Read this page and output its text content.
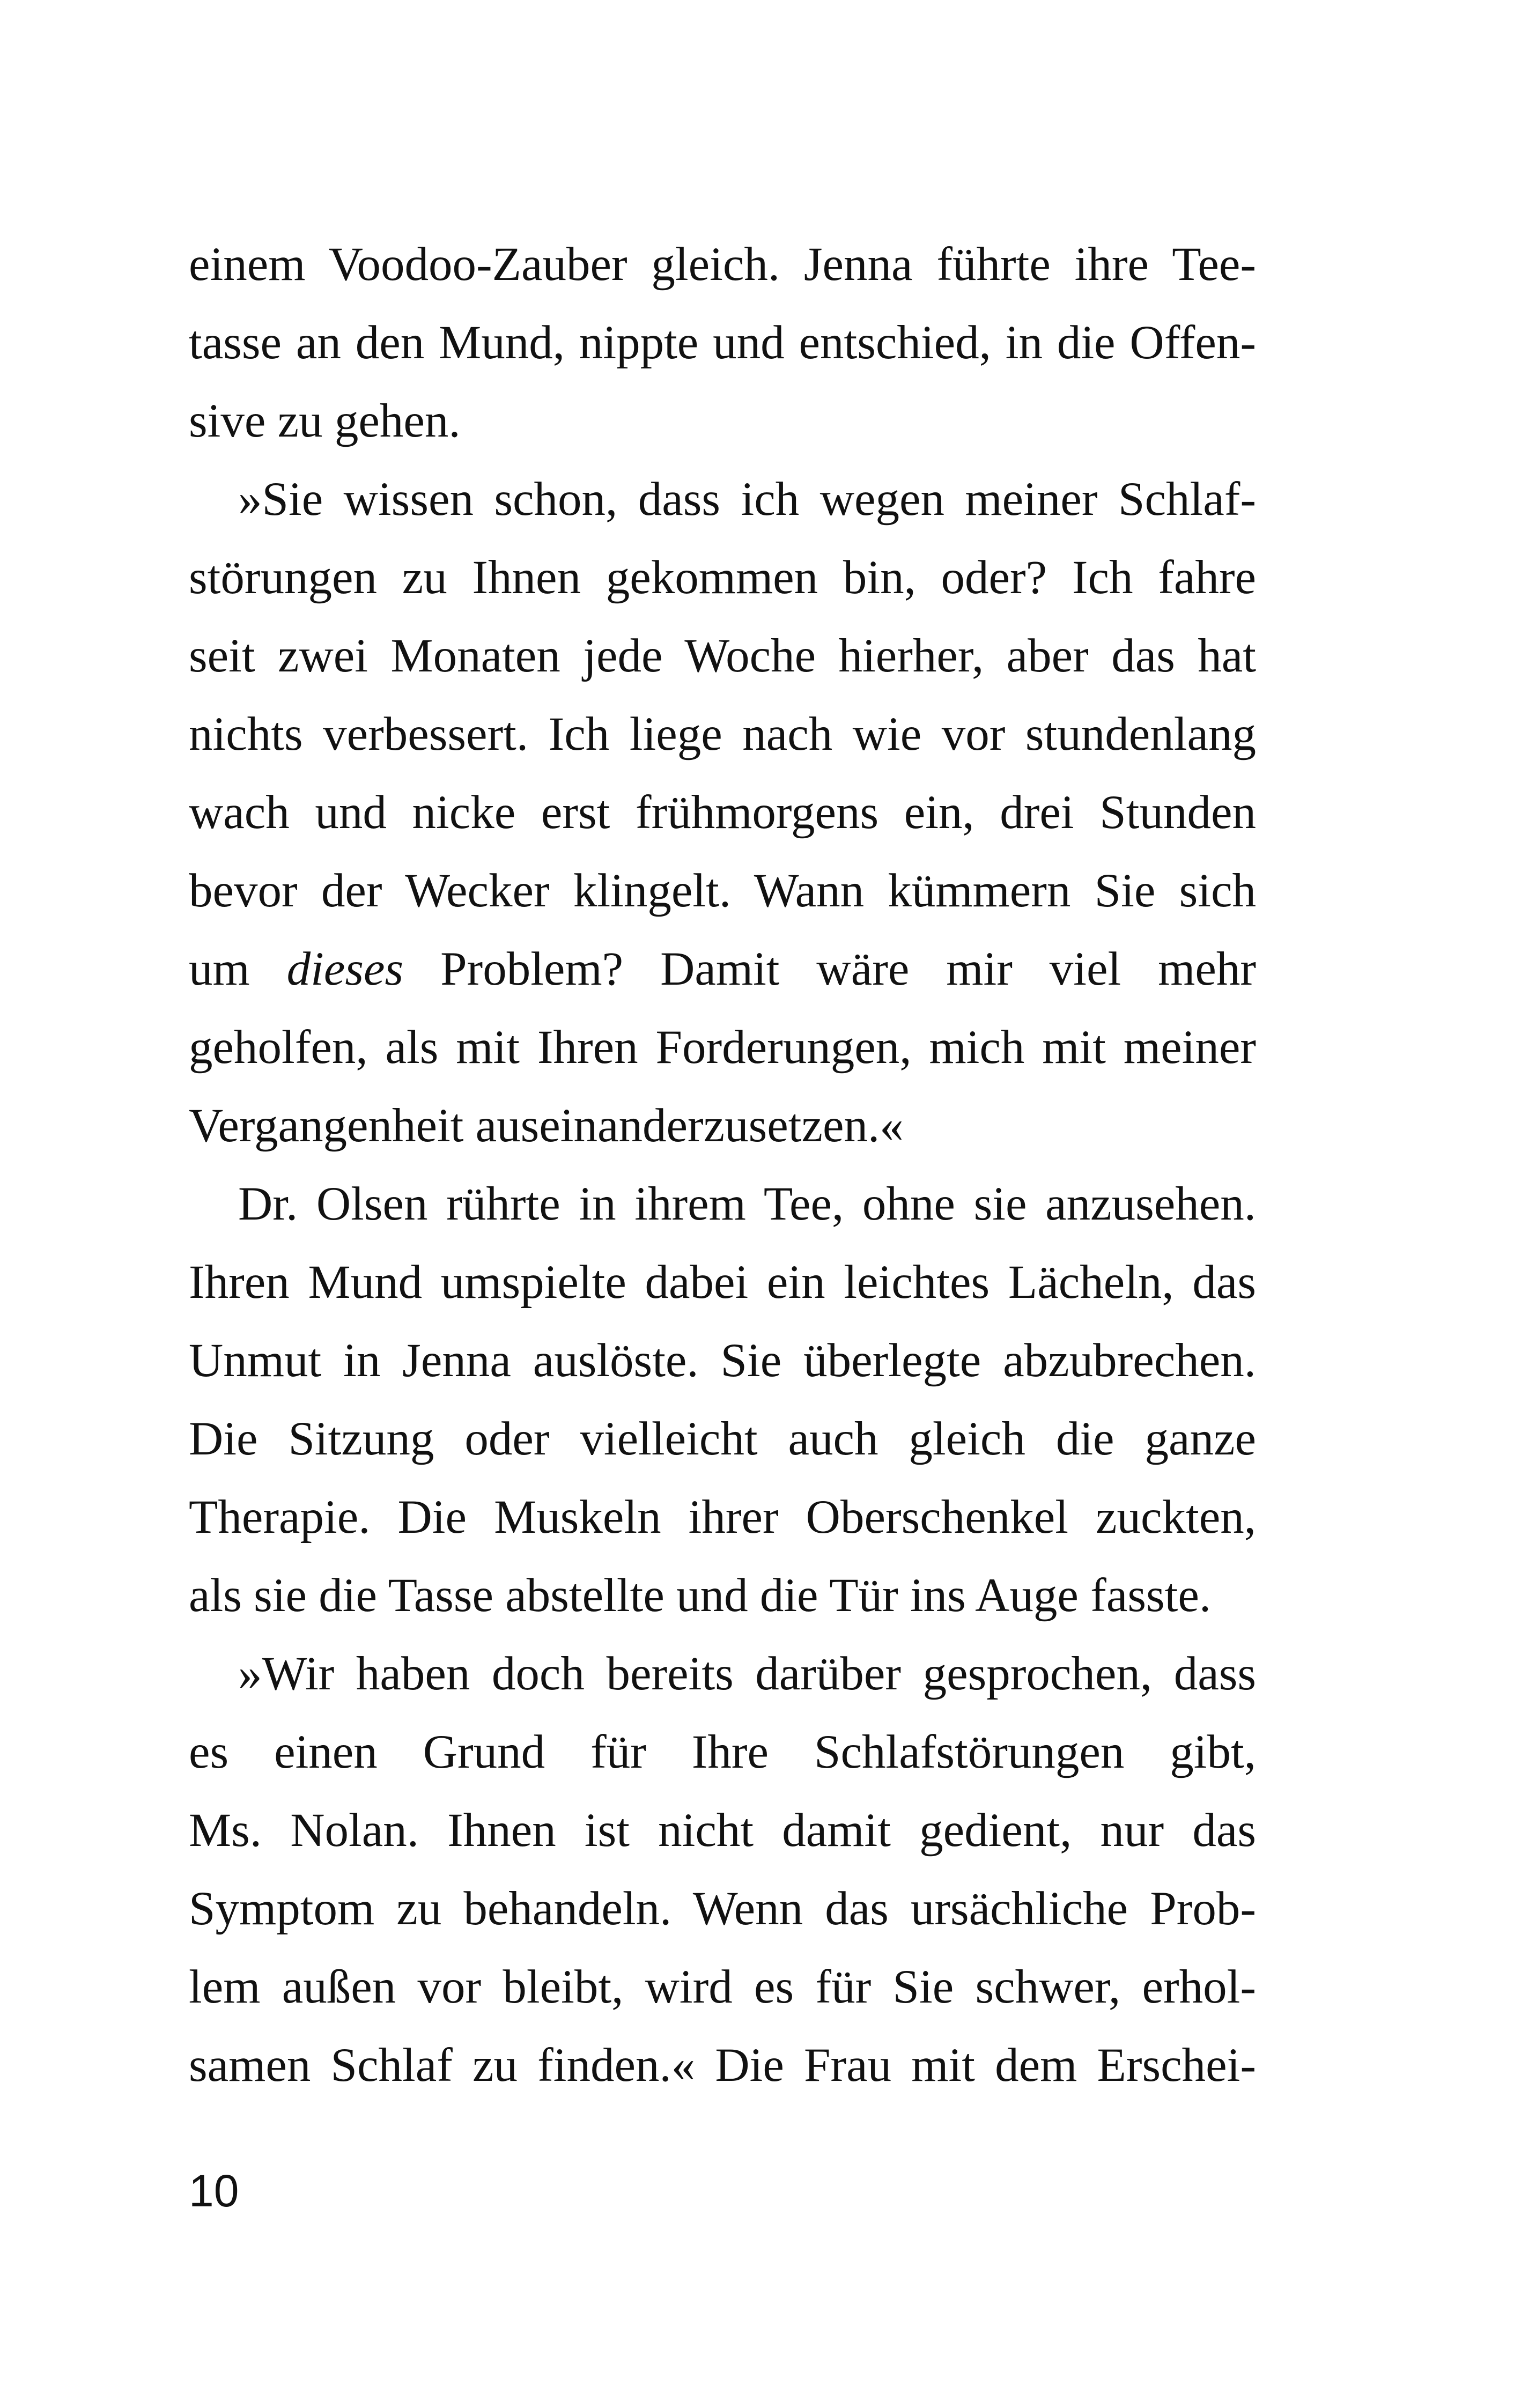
einem Voodoo-Zauber gleich. Jenna führte ihre Tee-
tasse an den Mund, nippte und entschied, in die Offen-
sive zu gehen.
»Sie wissen schon, dass ich wegen meiner Schlaf-
störungen zu Ihnen gekommen bin, oder? Ich fahre
seit zwei Monaten jede Woche hierher, aber das hat
nichts verbessert. Ich liege nach wie vor stundenlang
wach und nicke erst frühmorgens ein, drei Stunden
bevor der Wecker klingelt. Wann kümmern Sie sich
um dieses Problem? Damit wäre mir viel mehr
geholfen, als mit Ihren Forderungen, mich mit meiner
Vergangenheit auseinanderzusetzen.«
Dr. Olsen rührte in ihrem Tee, ohne sie anzusehen.
Ihren Mund umspielte dabei ein leichtes Lächeln, das
Unmut in Jenna auslöste. Sie überlegte abzubrechen.
Die Sitzung oder vielleicht auch gleich die ganze
Therapie. Die Muskeln ihrer Oberschenkel zuckten,
als sie die Tasse abstellte und die Tür ins Auge fasste.
»Wir haben doch bereits darüber gesprochen, dass
es einen Grund für Ihre Schlafstörungen gibt,
Ms. Nolan. Ihnen ist nicht damit gedient, nur das
Symptom zu behandeln. Wenn das ursächliche Prob-
lem außen vor bleibt, wird es für Sie schwer, erhol-
samen Schlaf zu finden.« Die Frau mit dem Erschei-
10
